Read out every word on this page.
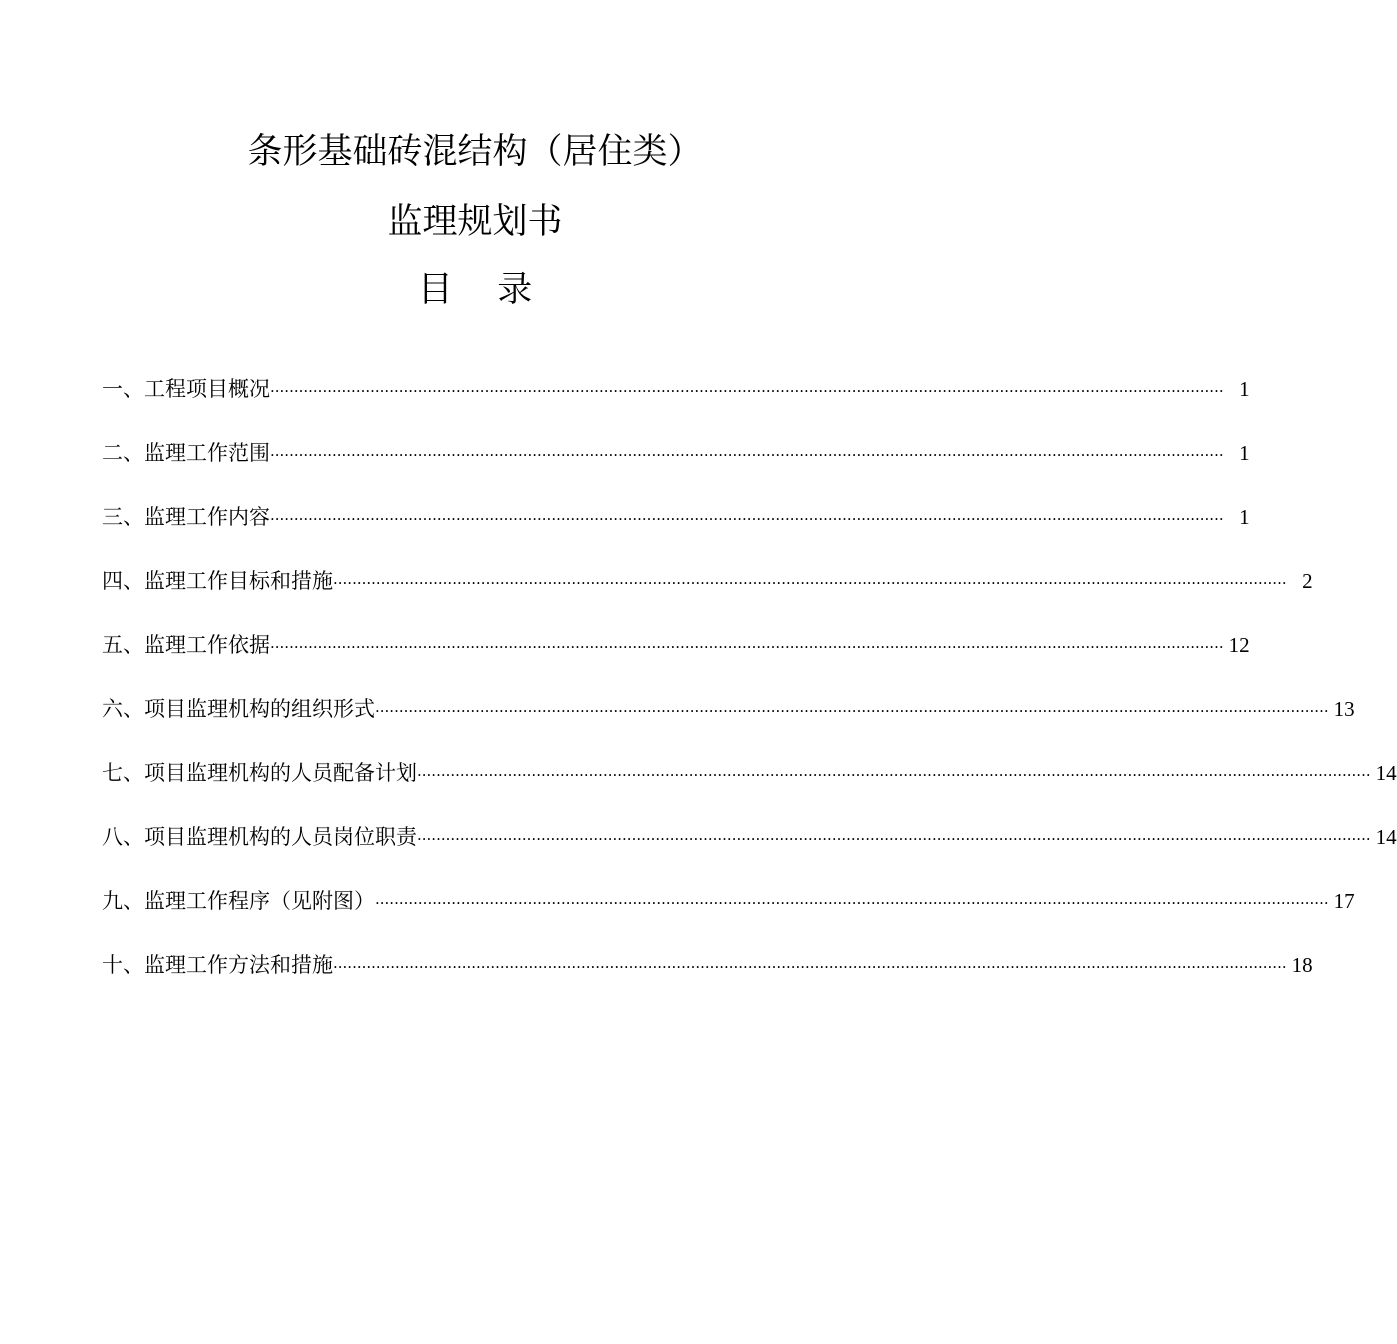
条形基础砖混结构（居住类）
监理规划书
目    录
一、工程项目概况 ········································································································································································································ 1
二、监理工作范围 ········································································································································································································ 1
三、监理工作内容 ········································································································································································································ 1
四、监理工作目标和措施 ········································································································································································································ 2
五、监理工作依据 ········································································································································································································ 12
六、项目监理机构的组织形式 ········································································································································································································ 13
七、项目监理机构的人员配备计划 ········································································································································································································ 14
八、项目监理机构的人员岗位职责 ········································································································································································································ 14
九、监理工作程序（见附图） ········································································································································································································ 17
十、监理工作方法和措施 ········································································································································································································ 18
